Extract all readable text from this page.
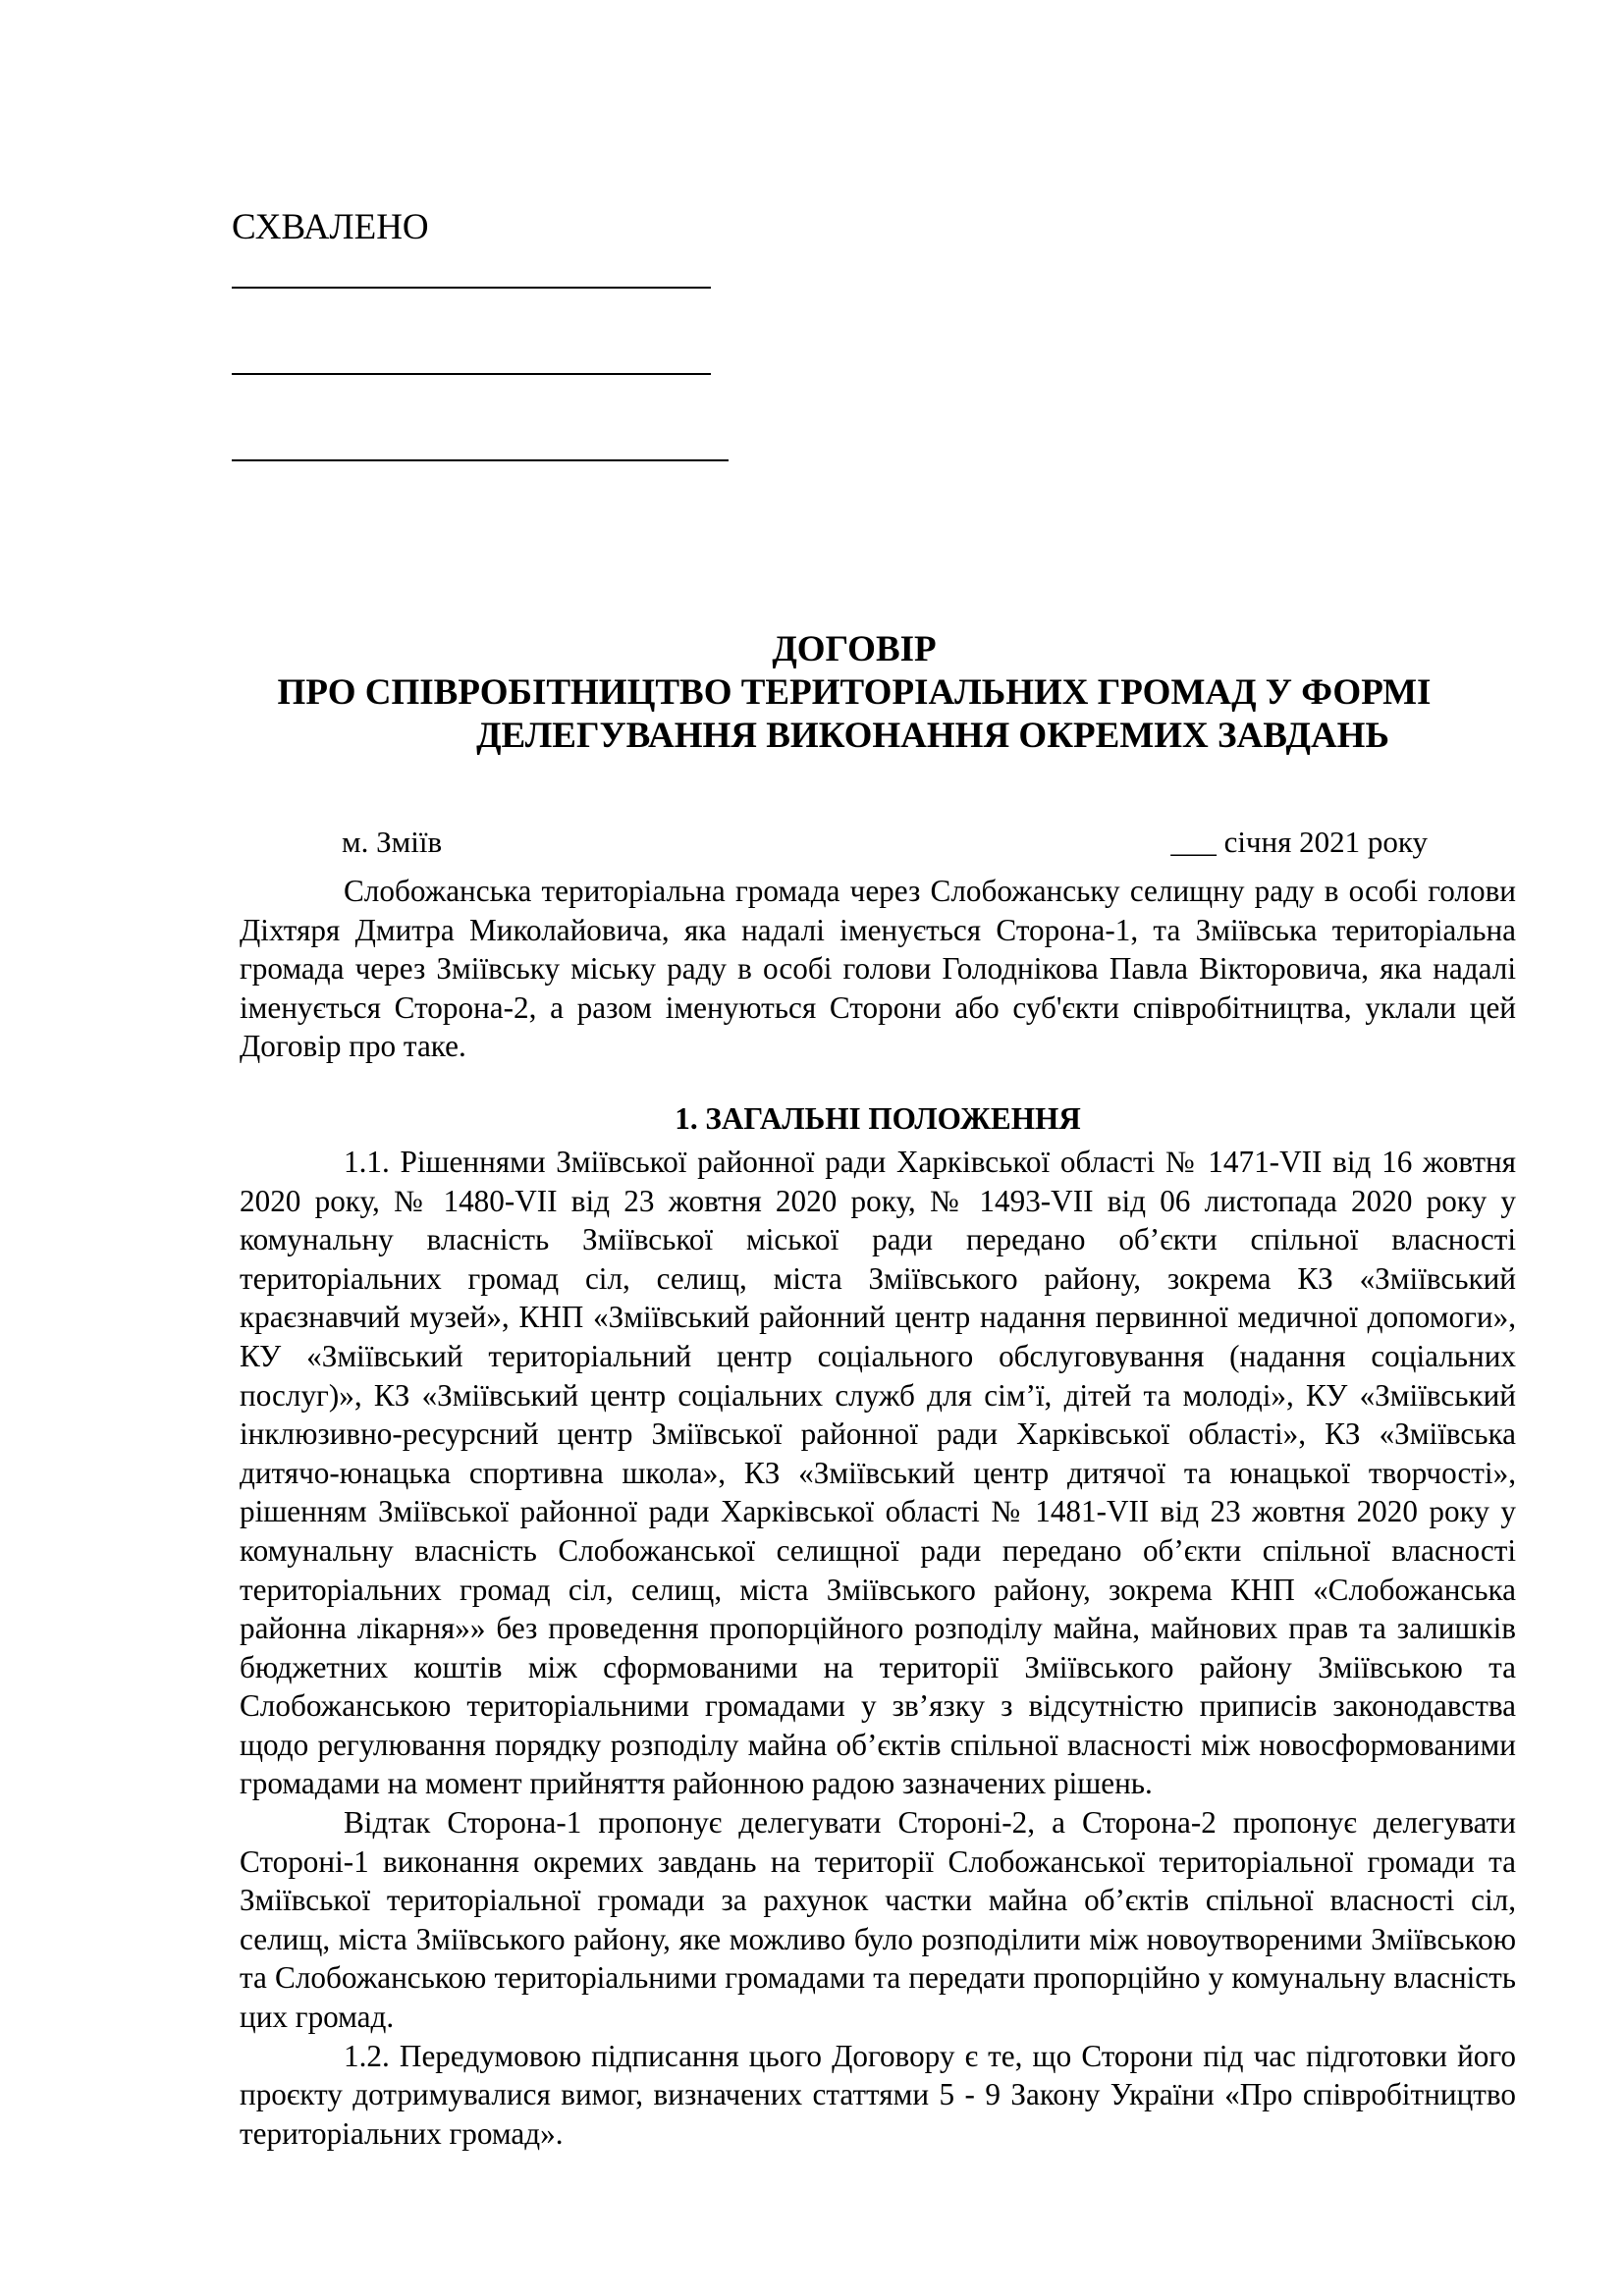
СХВАЛЕНО

ДОГОВІР
ПРО СПІВРОБІТНИЦТВО ТЕРИТОРІАЛЬНИХ ГРОМАД У ФОРМІ
ДЕЛЕГУВАННЯ ВИКОНАННЯ ОКРЕМИХ ЗАВДАНЬ
м. Зміїв	___ січня 2021 року

Слобожанська територіальна громада через Слобожанську селищну раду в особі голови Діхтяря Дмитра Миколайовича, яка надалі іменується Сторона-1, та Зміївська територіальна громада через Зміївську міську раду в особі голови Голоднікова Павла Вікторовича, яка надалі іменується Сторона-2, а разом іменуються Сторони або суб'єкти співробітництва, уклали цей Договір про таке.

1. ЗАГАЛЬНІ ПОЛОЖЕННЯ

1.1. Рішеннями Зміївської районної ради Харківської області № 1471-VII від 16 жовтня 2020 року, № 1480-VII від 23 жовтня 2020 року, № 1493-VII від 06 листопада 2020 року у комунальну власність Зміївської міської ради передано об’єкти спільної власності територіальних громад сіл, селищ, міста Зміївського району, зокрема КЗ «Зміївський краєзнавчий музей», КНП «Зміївський районний центр надання первинної медичної допомоги», КУ «Зміївський територіальний центр соціального обслуговування (надання соціальних послуг)», КЗ «Зміївський центр соціальних служб для сім’ї, дітей та молоді», КУ «Зміївський інклюзивно-ресурсний центр Зміївської районної ради Харківської області», КЗ «Зміївська дитячо-юнацька спортивна школа», КЗ «Зміївський центр дитячої та юнацької творчості», рішенням Зміївської районної ради Харківської області № 1481-VII від 23 жовтня 2020 року у комунальну власність Слобожанської селищної ради передано об’єкти спільної власності територіальних громад сіл, селищ, міста Зміївського району, зокрема КНП «Слобожанська районна лікарня»» без проведення пропорційного розподілу майна, майнових прав та залишків бюджетних коштів між сформованими на території Зміївського району Зміївською та Слобожанською територіальними громадами у зв’язку з відсутністю приписів законодавства щодо регулювання порядку розподілу майна об’єктів спільної власності між новосформованими громадами на момент прийняття районною радою зазначених рішень.

Відтак Сторона-1 пропонує делегувати Стороні-2, а Сторона-2 пропонує делегувати Стороні-1 виконання окремих завдань на території Слобожанської територіальної громади та Зміївської територіальної громади за рахунок частки майна об’єктів спільної власності сіл, селищ, міста Зміївського району, яке можливо було розподілити між новоутвореними Зміївською та Слобожанською територіальними громадами та передати пропорційно у комунальну власність цих громад.

1.2. Передумовою підписання цього Договору є те, що Сторони під час підготовки його проєкту дотримувалися вимог, визначених статтями 5 - 9 Закону України «Про співробітництво територіальних громад».
